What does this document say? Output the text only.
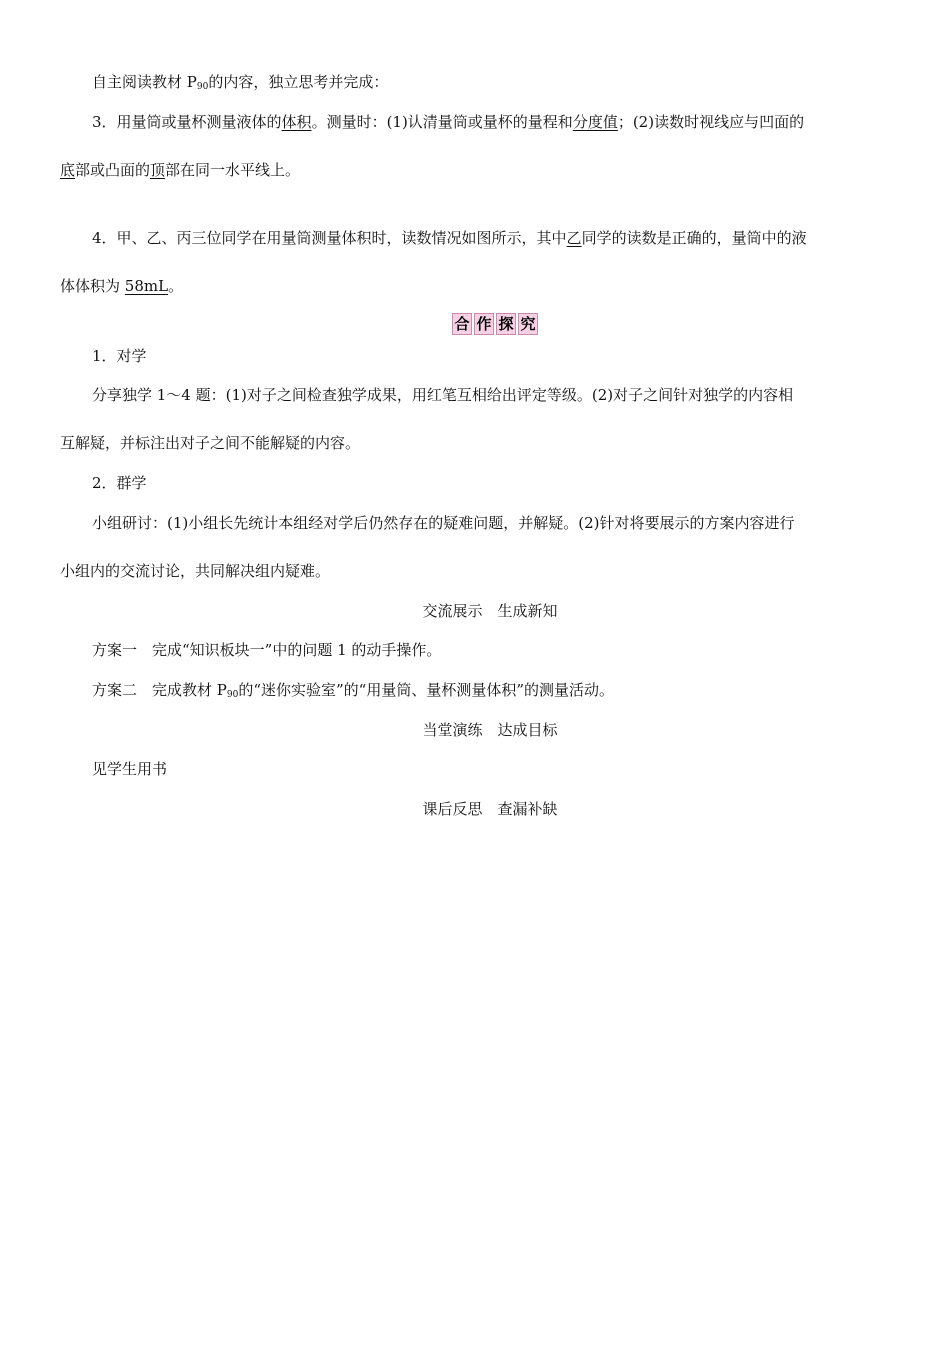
自主阅读教材 $P_{90}$的内容，独立思考并完成：
3．用量筒或量杯测量液体的体积。测量时：(1)认清量筒或量杯的量程和分度值；(2)读数时视线应与凹面的
底部或凸面的顶部在同一水平线上。
4．甲、乙、丙三位同学在用量筒测量体积时，读数情况如图所示，其中乙同学的读数是正确的，量筒中的液
体体积为 58mL。
合 作 探 究
1．对学
分享独学 1～4 题：(1)对子之间检查独学成果，用红笔互相给出评定等级。(2)对子之间针对独学的内容相
互解疑，并标注出对子之间不能解疑的内容。
2．群学
小组研讨：(1)小组长先统计本组经对学后仍然存在的疑难问题，并解疑。(2)针对将要展示的方案内容进行
小组内的交流讨论，共同解决组内疑难。
交流展示　生成新知
方案一　完成“知识板块一”中的问题 1 的动手操作。
方案二　完成教材 $P_{90}$的“迷你实验室”的“用量筒、量杯测量体积”的测量活动。
当堂演练　达成目标
见学生用书
课后反思　查漏补缺
